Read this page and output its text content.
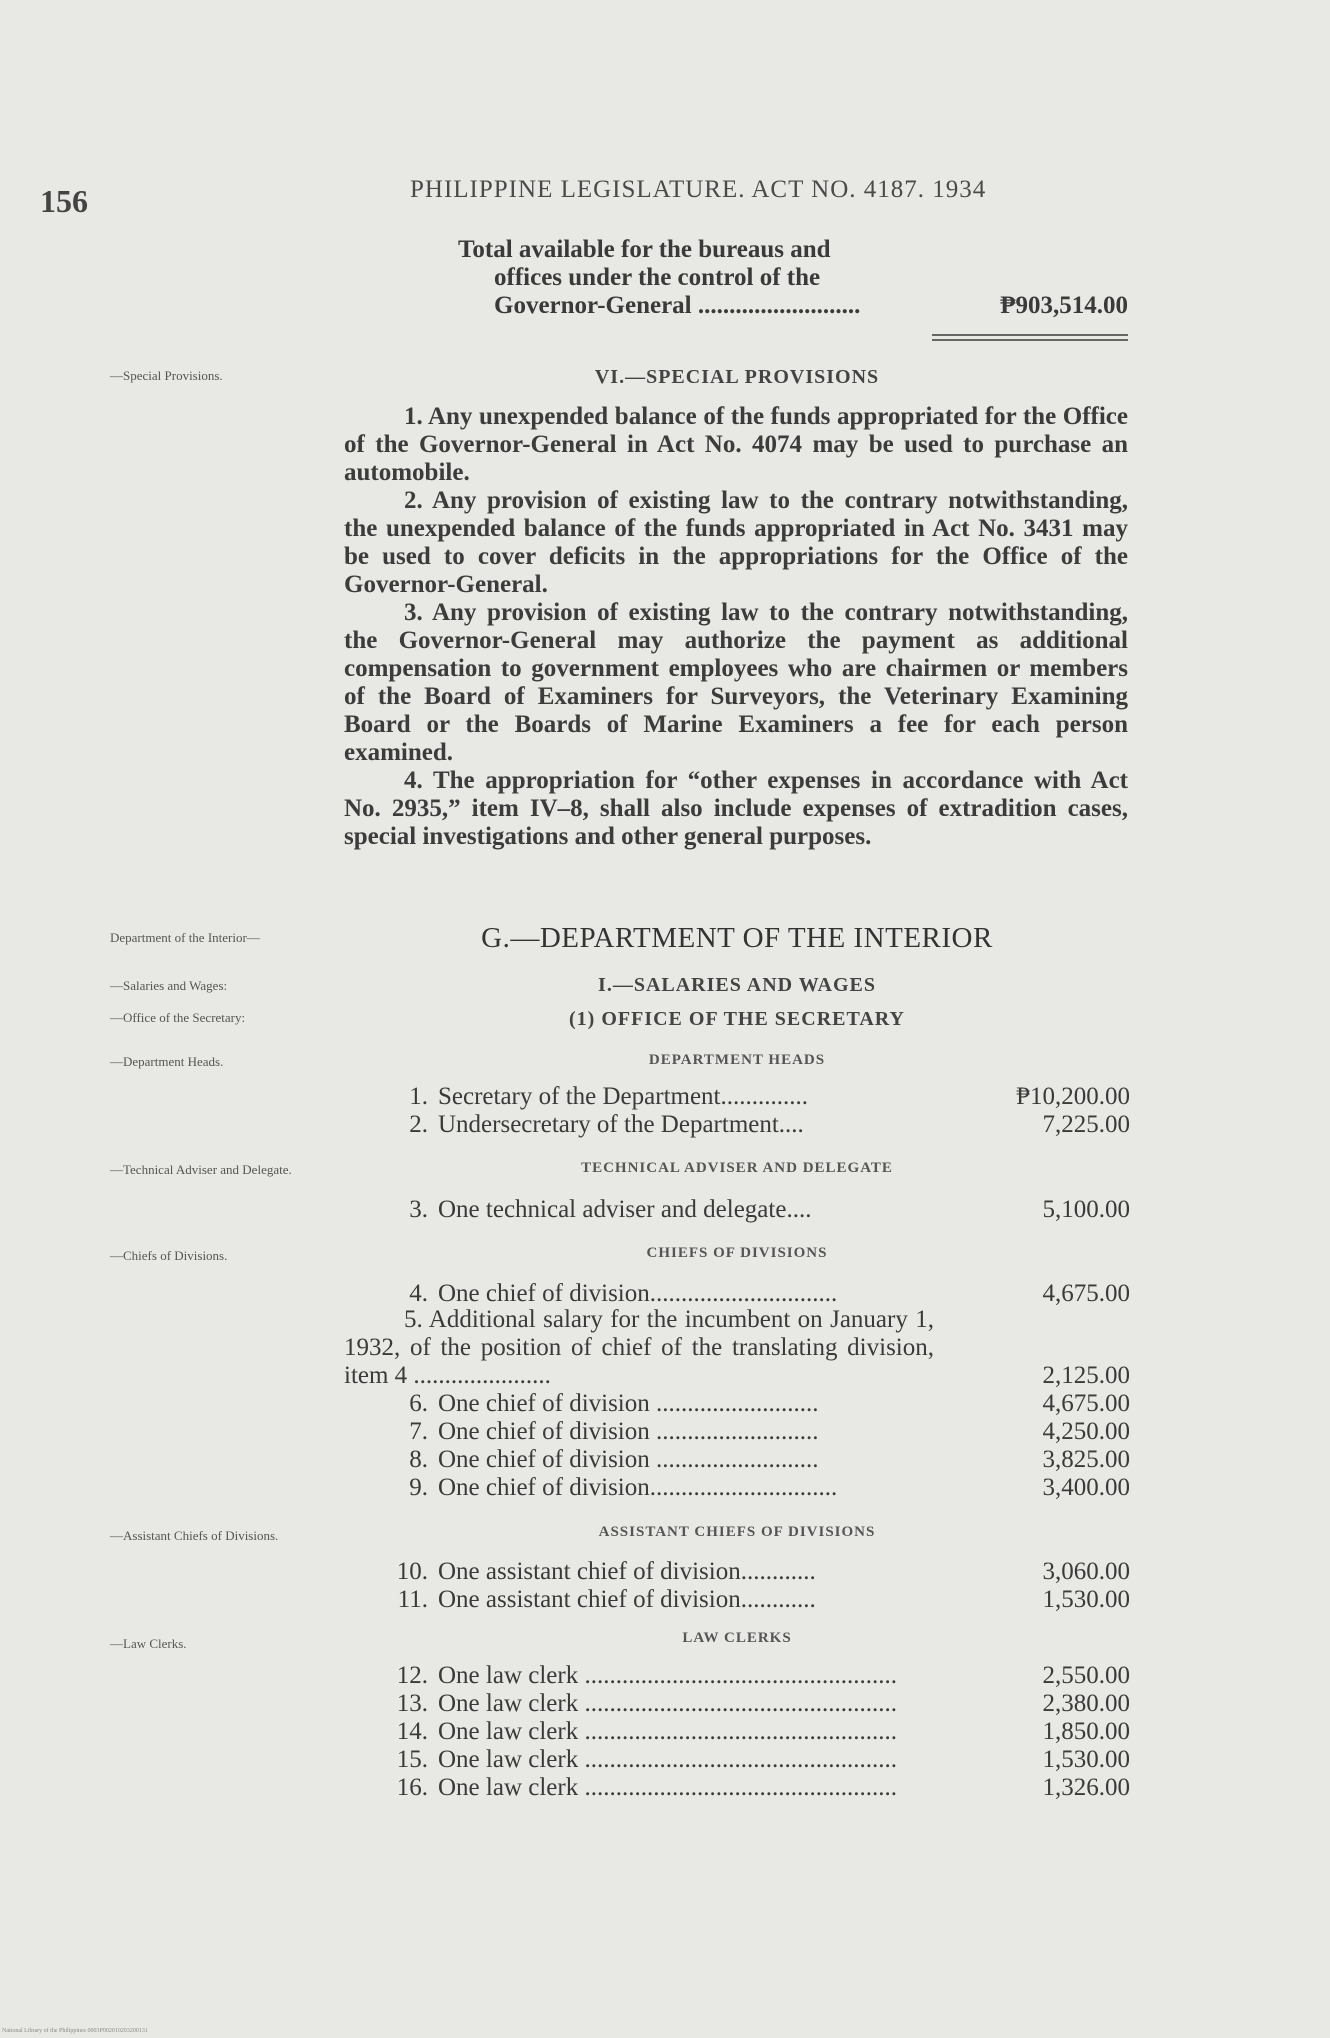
156	PHILIPPINE LEGISLATURE. ACT NO. 4187. 1934
Total available for the bureaus and
offices under the control of the
Governor-General ..........................	₱903,514.00
—Special Provisions.	VI.—SPECIAL PROVISIONS

1. Any unexpended balance of the funds appropriated for the Office of the Governor-General in Act No. 4074 may be used to purchase an automobile.

2. Any provision of existing law to the contrary notwithstanding, the unexpended balance of the funds appropriated in Act No. 3431 may be used to cover deficits in the appropriations for the Office of the Governor-General.

3. Any provision of existing law to the contrary notwithstanding, the Governor-General may authorize the payment as additional compensation to government employees who are chairmen or members of the Board of Examiners for Surveyors, the Veterinary Examining Board or the Boards of Marine Examiners a fee for each person examined.

4. The appropriation for “other expenses in accordance with Act No. 2935,” item IV–8, shall also include expenses of extradition cases, special investigations and other general purposes.

Department of the Interior—	G.—DEPARTMENT OF THE INTERIOR
—Salaries and Wages:	I.—SALARIES AND WAGES
—Office of the Secretary:	(1) OFFICE OF THE SECRETARY
—Department Heads.	DEPARTMENT HEADS
1. Secretary of the Department..............	₱10,200.00
2. Undersecretary of the Department....	7,225.00
—Technical Adviser and Delegate.	TECHNICAL ADVISER AND DELEGATE
3. One technical adviser and delegate....	5,100.00
—Chiefs of Divisions.	CHIEFS OF DIVISIONS
4. One chief of division..............................	4,675.00
5. Additional salary for the incumbent on January 1, 1932, of the position of chief of the translating division, item 4 ......................	2,125.00
6. One chief of division ..........................	4,675.00
7. One chief of division ..........................	4,250.00
8. One chief of division ..........................	3,825.00
9. One chief of division..............................	3,400.00
—Assistant Chiefs of Divisions.	ASSISTANT CHIEFS OF DIVISIONS
10. One assistant chief of division............	3,060.00
11. One assistant chief of division............	1,530.00
—Law Clerks.	LAW CLERKS
12. One law clerk ..................................................	2,550.00
13. One law clerk ..................................................	2,380.00
14. One law clerk ..................................................	1,850.00
15. One law clerk ..................................................	1,530.00
16. One law clerk ..................................................	1,326.00
National Library of the Philippines 0003P002010203200131
